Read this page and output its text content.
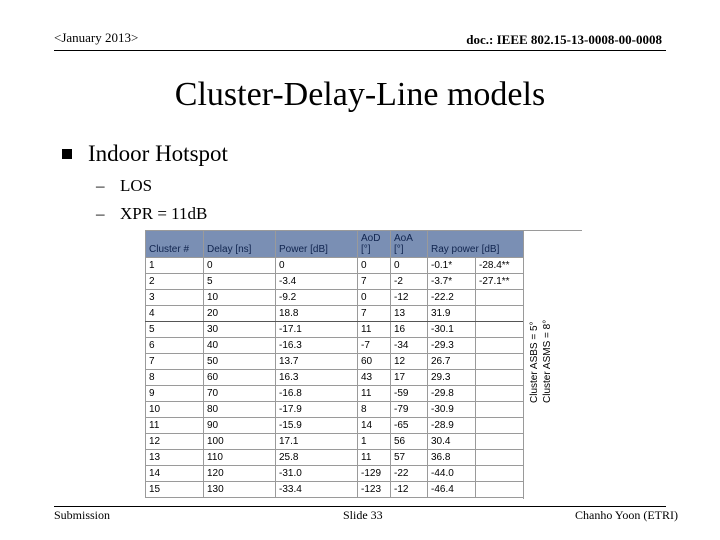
<January 2013>	doc.: IEEE 802.15-13-0008-00-0008
Cluster-Delay-Line models
Indoor Hotspot
– LOS
– XPR = 11dB
Cluster #	Delay [ns]	Power [dB]	AoD [°]	AoA [°]	Ray power [dB]	
1	0	0	0	0	-0.1*	-28.4**
2	5	-3.4	7	-2	-3.7*	-27.1**
3	10	-9.2	0	-12	-22.2	
4	20	18.8	7	13	31.9	
5	30	-17.1	11	16	-30.1	
6	40	-16.3	-7	-34	-29.3	
7	50	13.7	60	12	26.7	
8	60	16.3	43	17	29.3	
9	70	-16.8	11	-59	-29.8	
10	80	-17.9	8	-79	-30.9	
11	90	-15.9	14	-65	-28.9	
12	100	17.1	1	56	30.4	
13	110	25.8	11	57	36.8	
14	120	-31.0	-129	-22	-44.0	
15	130	-33.4	-123	-12	-46.4	
Cluster ASBS = 5° Cluster ASMS = 8°
Submission	Slide 33	Chanho Yoon (ETRI)
